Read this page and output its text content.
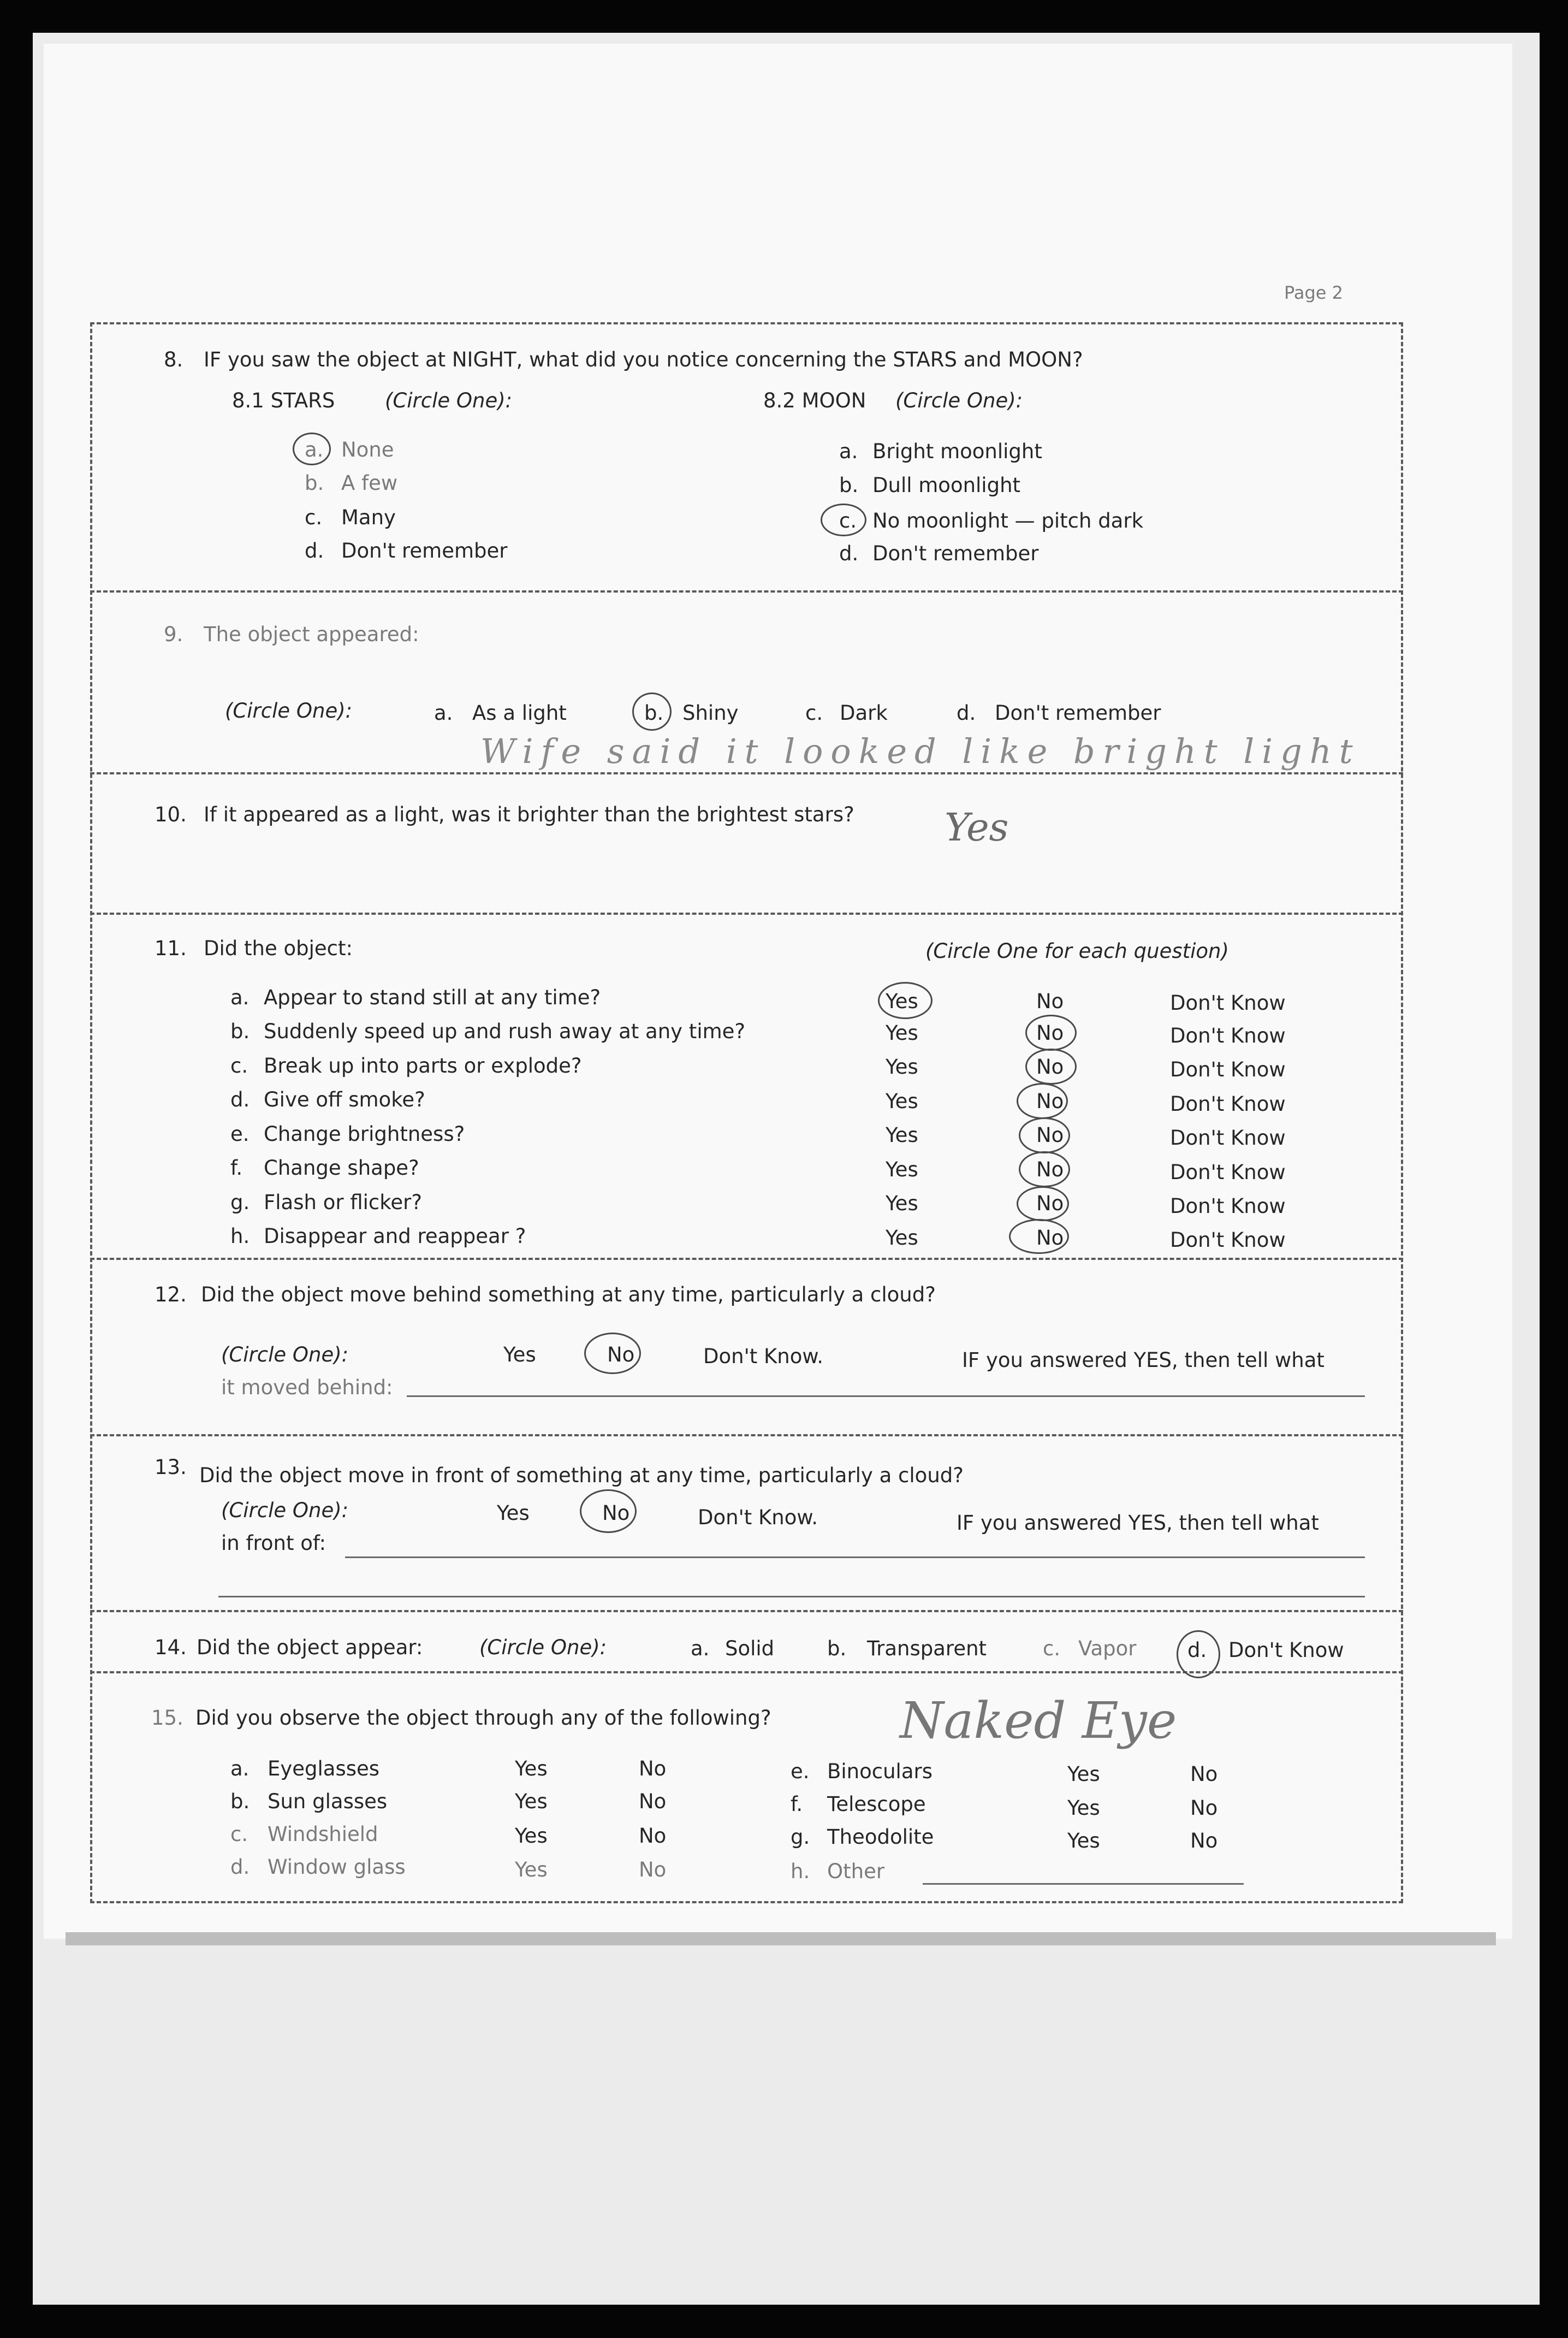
Page 2
8. IF you saw the object at NIGHT, what did you notice concerning the STARS and MOON?
8.1 STARS (Circle One):	8.2 MOON (Circle One):
a. None
b. A few
c. Many
d. Don't remember
a. Bright moonlight
b. Dull moonlight
c. No moonlight — pitch dark
d. Don't remember
9. The object appeared:
(Circle One):	a. As a light	b. Shiny	c. Dark	d. Don't remember
Wife said it looked like bright light
10. If it appeared as a light, was it brighter than the brightest stars? Yes
11. Did the object:	(Circle One for each question)
a. Appear to stand still at any time?	Yes	No	Don't Know
b. Suddenly speed up and rush away at any time?	Yes	No	Don't Know
c. Break up into parts or explode?	Yes	No	Don't Know
d. Give off smoke?	Yes	No	Don't Know
e. Change brightness?	Yes	No	Don't Know
f. Change shape?	Yes	No	Don't Know
g. Flash or flicker?	Yes	No	Don't Know
h. Disappear and reappear ?	Yes	No	Don't Know
12. Did the object move behind something at any time, particularly a cloud?
(Circle One):	Yes	No	Don't Know.	IF you answered YES, then tell what
it moved behind:
13. Did the object move in front of something at any time, particularly a cloud?
(Circle One):	Yes	No	Don't Know.	IF you answered YES, then tell what
in front of:
14. Did the object appear:	(Circle One):	a. Solid	b. Transparent	c. Vapor	d. Don't Know
15. Did you observe the object through any of the following?	Naked Eye
a. Eyeglasses	Yes	No
b. Sun glasses	Yes	No
c. Windshield	Yes	No
d. Window glass	Yes	No
e. Binoculars	Yes	No
f. Telescope	Yes	No
g. Theodolite	Yes	No
h. Other
